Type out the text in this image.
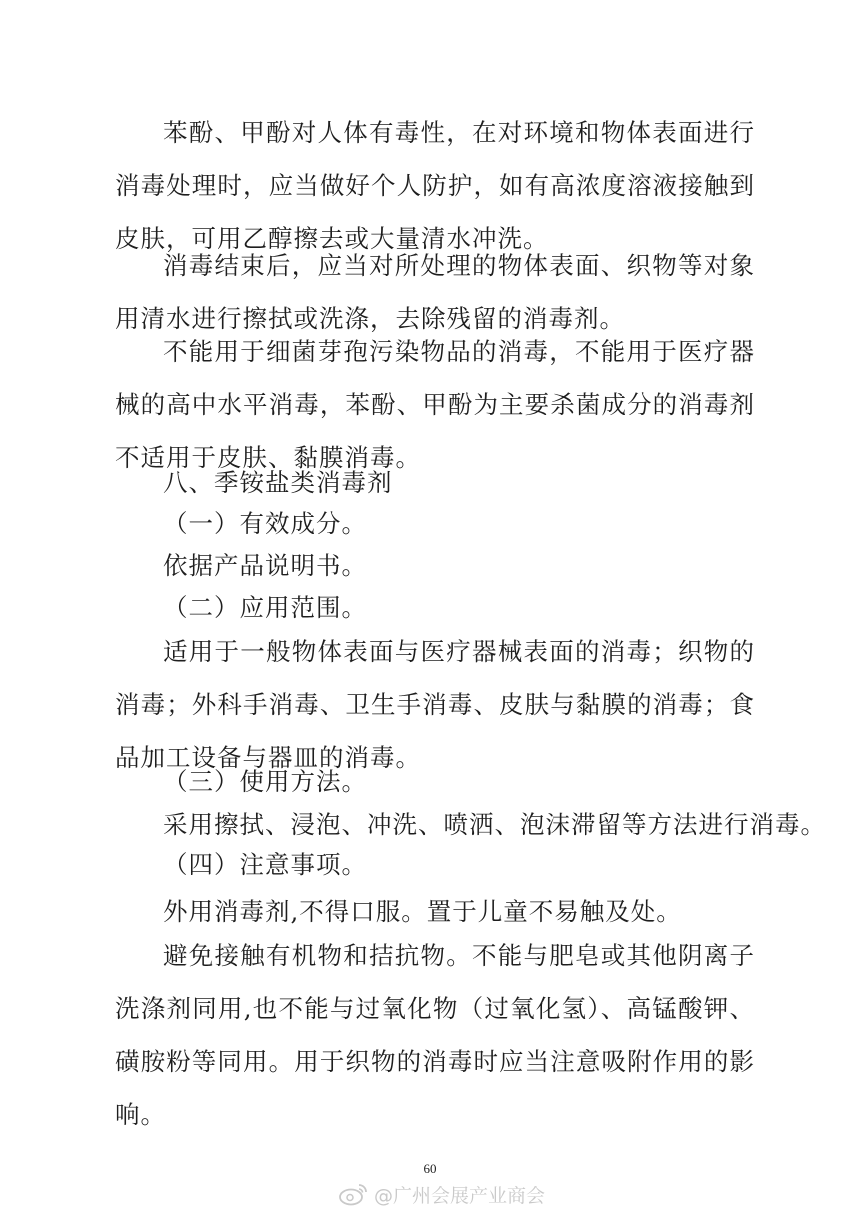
苯酚、甲酚对人体有毒性，在对环境和物体表面进行消毒处理时，应当做好个人防护，如有高浓度溶液接触到皮肤，可用乙醇擦去或大量清水冲洗。

消毒结束后，应当对所处理的物体表面、织物等对象用清水进行擦拭或洗涤，去除残留的消毒剂。

不能用于细菌芽孢污染物品的消毒，不能用于医疗器械的高中水平消毒，苯酚、甲酚为主要杀菌成分的消毒剂不适用于皮肤、黏膜消毒。

八、季铵盐类消毒剂

（一）有效成分。

依据产品说明书。

（二）应用范围。

适用于一般物体表面与医疗器械表面的消毒；织物的消毒；外科手消毒、卫生手消毒、皮肤与黏膜的消毒；食品加工设备与器皿的消毒。

（三）使用方法。

采用擦拭、浸泡、冲洗、喷洒、泡沫滞留等方法进行消毒。

（四）注意事项。

外用消毒剂,不得口服。置于儿童不易触及处。

避免接触有机物和拮抗物。不能与肥皂或其他阴离子洗涤剂同用,也不能与过氧化物（过氧化氢）、高锰酸钾、磺胺粉等同用。用于织物的消毒时应当注意吸附作用的影响。

60
@广州会展产业商会
